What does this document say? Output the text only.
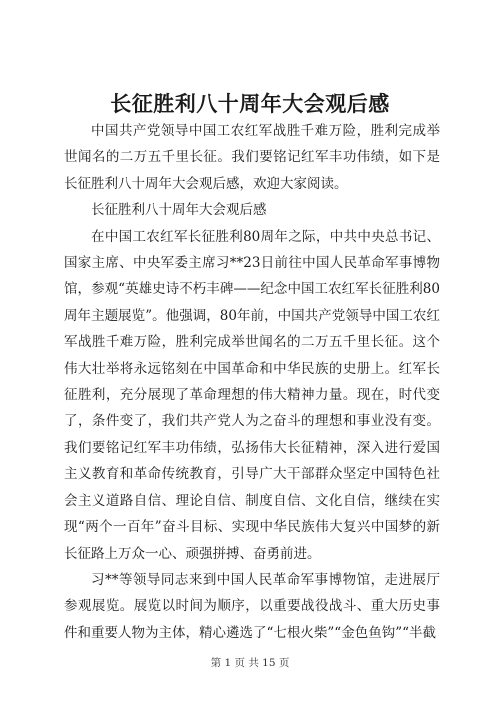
长征胜利八十周年大会观后感

中国共产党领导中国工农红军战胜千难万险，胜利完成举世闻名的二万五千里长征。我们要铭记红军丰功伟绩，如下是长征胜利八十周年大会观后感，欢迎大家阅读。

长征胜利八十周年大会观后感

在中国工农红军长征胜利80周年之际，中共中央总书记、国家主席、中央军委主席习**23日前往中国人民革命军事博物馆，参观“英雄史诗不朽丰碑——纪念中国工农红军长征胜利80周年主题展览”。他强调，80年前，中国共产党领导中国工农红军战胜千难万险，胜利完成举世闻名的二万五千里长征。这个伟大壮举将永远铭刻在中国革命和中华民族的史册上。红军长征胜利，充分展现了革命理想的伟大精神力量。现在，时代变了，条件变了，我们共产党人为之奋斗的理想和事业没有变。我们要铭记红军丰功伟绩，弘扬伟大长征精神，深入进行爱国主义教育和革命传统教育，引导广大干部群众坚定中国特色社会主义道路自信、理论自信、制度自信、文化自信，继续在实现“两个一百年”奋斗目标、实现中华民族伟大复兴中国梦的新长征路上万众一心、顽强拼搏、奋勇前进。

习**等领导同志来到中国人民革命军事博物馆，走进展厅参观展览。展览以时间为顺序，以重要战役战斗、重大历史事件和重要人物为主体，精心遴选了“七根火柴”“金色鱼钩”“半截

第 1 页 共 15 页
